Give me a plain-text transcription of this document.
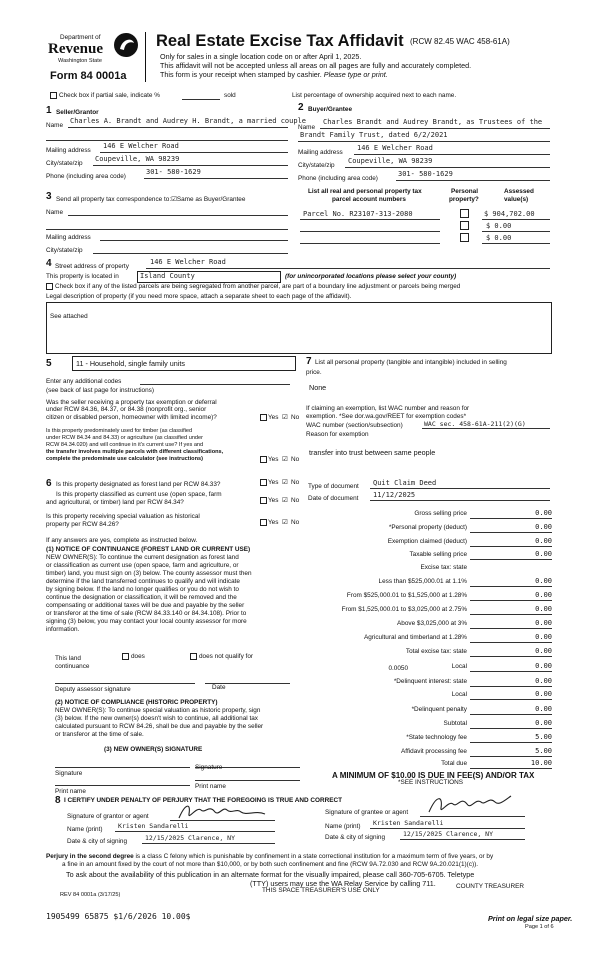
Department of
Revenue
Washington State
Form 84 0001a
Real Estate Excise Tax Affidavit (RCW 82.45 WAC 458-61A)
Only for sales in a single location code on or after April 1, 2025.
This affidavit will not be accepted unless all areas on all pages are fully and accurately completed.
This form is your receipt when stamped by cashier. Please type or print.
Check box if partial sale, indicate %	sold	List percentage of ownership acquired next to each name.
1 Seller/Grantor
Name
Charles A. Brandt and Audrey H. Brandt, a married couple
Mailing address
146 E Welcher Road
City/state/zip
Coupeville, WA 98239
Phone (including area code)
301- 580-1629
2 Buyer/Grantee
Name
Charles Brandt and Audrey Brandt, as Trustees of the
Brandt Family Trust, dated 6/2/2021
Mailing address
146 E Welcher Road
City/state/zip
Coupeville, WA 98239
Phone (including area code)
301- 580-1629
3 Send all property tax correspondence to:☑Same as Buyer/Grantee
Name
Mailing address
City/state/zip
List all real and personal property tax
parcel account numbers
Personal
property?
Assessed
value(s)
Parcel No. R23107-313-2080	$ 904,702.00
$ 0.00
$ 0.00
4 Street address of property
146 E Welcher Road
This property is located in	Island County	(for unincorporated locations please select your county)
Check box if any of the listed parcels are being segregated from another parcel, are part of a boundary line adjustment or parcels being merged
Legal description of property (if you need more space, attach a separate sheet to each page of the affidavit).
See attached
5	11 - Household, single family units
Enter any additional codes
(see back of last page for instructions)
Was the seller receiving a property tax exemption or deferral
under RCW 84.36, 84.37, or 84.38 (nonprofit org., senior
citizen or disabled person, homeowner with limited income)?	Yes ☑ No
Is this property predominately used for timber (as classified
under RCW 84.34 and 84.33) or agriculture (as classified under
RCW 84.34.020) and will continue in it's current use? If yes and
the transfer involves multiple parcels with different classifications,
complete the predominate use calculator (see instructions)	Yes ☑ No
6 Is this property designated as forest land per RCW 84.33?	Yes ☑ No
Is this property classified as current use (open space, farm
and agricultural, or timber) land per RCW 84.34?	Yes ☑ No
Is this property receiving special valuation as historical
property per RCW 84.26?	Yes ☑ No
If any answers are yes, complete as instructed below.
(1) NOTICE OF CONTINUANCE (FOREST LAND OR CURRENT USE)
NEW OWNER(S): To continue the current designation as forest land
or classification as current use (open space, farm and agriculture, or
timber) land, you must sign on (3) below. The county assessor must then
determine if the land transferred continues to qualify and will indicate
by signing below. If the land no longer qualifies or you do not wish to
continue the designation or classification, it will be removed and the
compensating or additional taxes will be due and payable by the seller
or transferor at the time of sale (RCW 84.33.140 or 84.34.108). Prior to
signing (3) below, you may contact your local county assessor for more
information.
This land
continuance
does	does not qualify for
Deputy assessor signature	Date
(2) NOTICE OF COMPLIANCE (HISTORIC PROPERTY)
NEW OWNER(S): To continue special valuation as historic property, sign
(3) below. If the new owner(s) doesn't wish to continue, all additional tax
calculated pursuant to RCW 84.26, shall be due and payable by the seller
or transferor at the time of sale.
(3) NEW OWNER(S) SIGNATURE
Signature
Signature
Print name
Print name
7 List all personal property (tangible and intangible) included in selling
price.
None
If claiming an exemption, list WAC number and reason for
exemption. *See dor.wa.gov/REET for exemption codes*
WAC number (section/subsection)	WAC sec. 458-61A-211(2)(G)
Reason for exemption
transfer into trust between same people
Type of document Quit Claim Deed
Date of document 11/12/2025
Gross selling price	0.00
*Personal property (deduct)	0.00
Exemption claimed (deduct)	0.00
Taxable selling price	0.00
Excise tax: state
Less than $525,000.01 at 1.1%	0.00
From $525,000.01 to $1,525,000 at 1.28%	0.00
From $1,525,000.01 to $3,025,000 at 2.75%	0.00
Above $3,025,000 at 3%	0.00
Agricultural and timberland at 1.28%	0.00
Total excise tax: state	0.00
Local	0.00
*Delinquent interest: state	0.00
Local	0.00
*Delinquent penalty	0.00
Subtotal	0.00
*State technology fee	5.00
Affidavit processing fee	5.00
Total due	10.00
0.0050
A MINIMUM OF $10.00 IS DUE IN FEE(S) AND/OR TAX
*SEE INSTRUCTIONS
8 I CERTIFY UNDER PENALTY OF PERJURY THAT THE FOREGOING IS TRUE AND CORRECT
Signature of grantor or agent
Name (print) Kristen Sandarelli
Date & city of signing	12/15/2025 Clarence, NY
Signature of grantee or agent
Name (print) Kristen Sandarelli
Date & city of signing	12/15/2025 Clarence, NY
Perjury in the second degree is a class C felony which is punishable by confinement in a state correctional institution for a maximum term of five years, or by
a fine in an amount fixed by the court of not more than $10,000, or by both such confinement and fine (RCW 9A.72.030 and RCW 9A.20.021(1)(c)).
To ask about the availability of this publication in an alternate format for the visually impaired, please call 360-705-6705. Teletype
(TTY) users may use the WA Relay Service by calling 711.
REV 84 0001a (3/17/25)
THIS SPACE TREASURER'S USE ONLY
COUNTY TREASURER
1905499 65875 $1/6/2026 10.00$	Print on legal size paper.
Page 1 of 6
